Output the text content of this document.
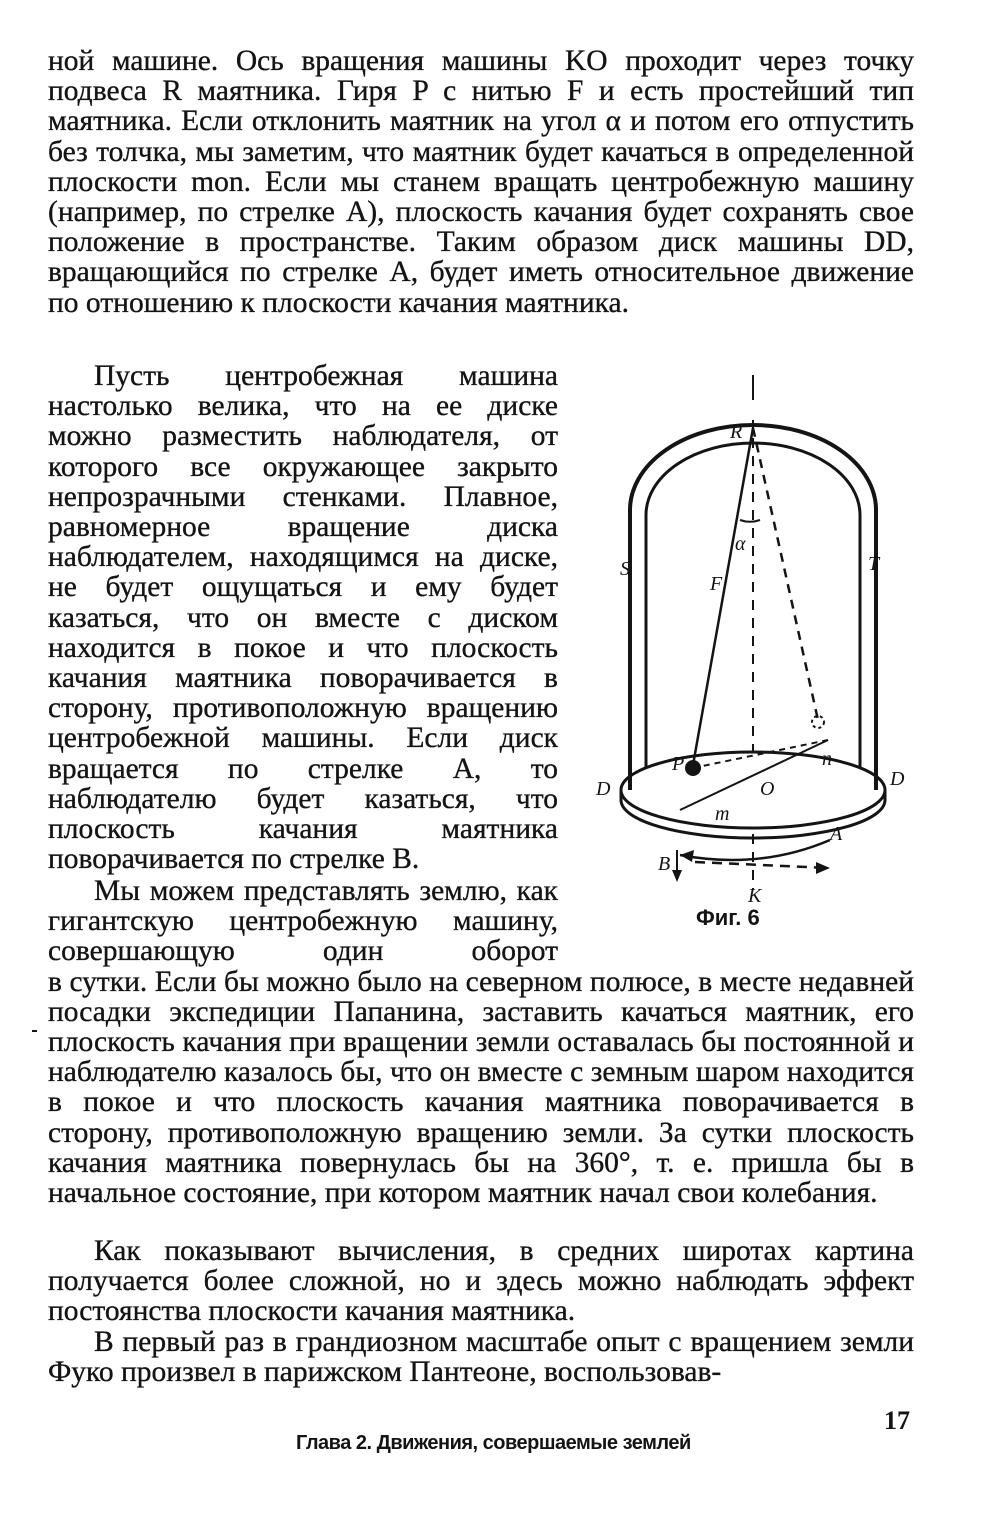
ной машине. Ось вращения машины KO проходит через точку подвеса R маятника. Гиря P с нитью F и есть простейший тип маятника. Если отклонить маятник на угол α и потом его отпустить без толчка, мы заметим, что маятник будет качаться в определенной плоскости mon. Если мы станем вращать центробежную машину (например, по стрелке A), плоскость качания будет сохранять свое положение в пространстве. Таким образом диск машины DD, вращающийся по стрелке A, будет иметь относительное движение по отношению к плоскости качания маятника.

Пусть центробежная машина настолько велика, что на ее диске можно разместить наблюдателя, от которого все окружающее закрыто непрозрачными стенками. Плавное, равномерное вращение диска наблюдателем, находящимся на диске, не будет ощущаться и ему будет казаться, что он вместе с диском находится в покое и что плоскость качания маятника поворачивается в сторону, противоположную вращению центробежной машины. Если диск вращается по стрелке A, то наблюдателю будет казаться, что плоскость качания маятника поворачивается по стрелке B.

Мы можем представлять землю, как гигантскую центробежную машину, совершающую один оборот
в сутки. Если бы можно было на северном полюсе, в месте недавней посадки экспедиции Папанина, заставить качаться маятник, его плоскость качания при вращении земли оставалась бы постоянной и наблюдателю казалось бы, что он вместе с земным шаром находится в покое и что плоскость качания маятника поворачивается в сторону, противоположную вращению земли. За сутки плоскость качания маятника повернулась бы на 360°, т. е. пришла бы в начальное состояние, при котором маятник начал свои колебания.

Как показывают вычисления, в средних широтах картина получается более сложной, но и здесь можно наблюдать эффект постоянства плоскости качания маятника.

В первый раз в грандиозном масштабе опыт с вращением земли Фуко произвел в парижском Пантеоне, воспользовав-

R
α
S	T
F
P	n
O
m
D	D
A
B
K
Фиг. 6
17
Глава 2. Движения, совершаемые землей
